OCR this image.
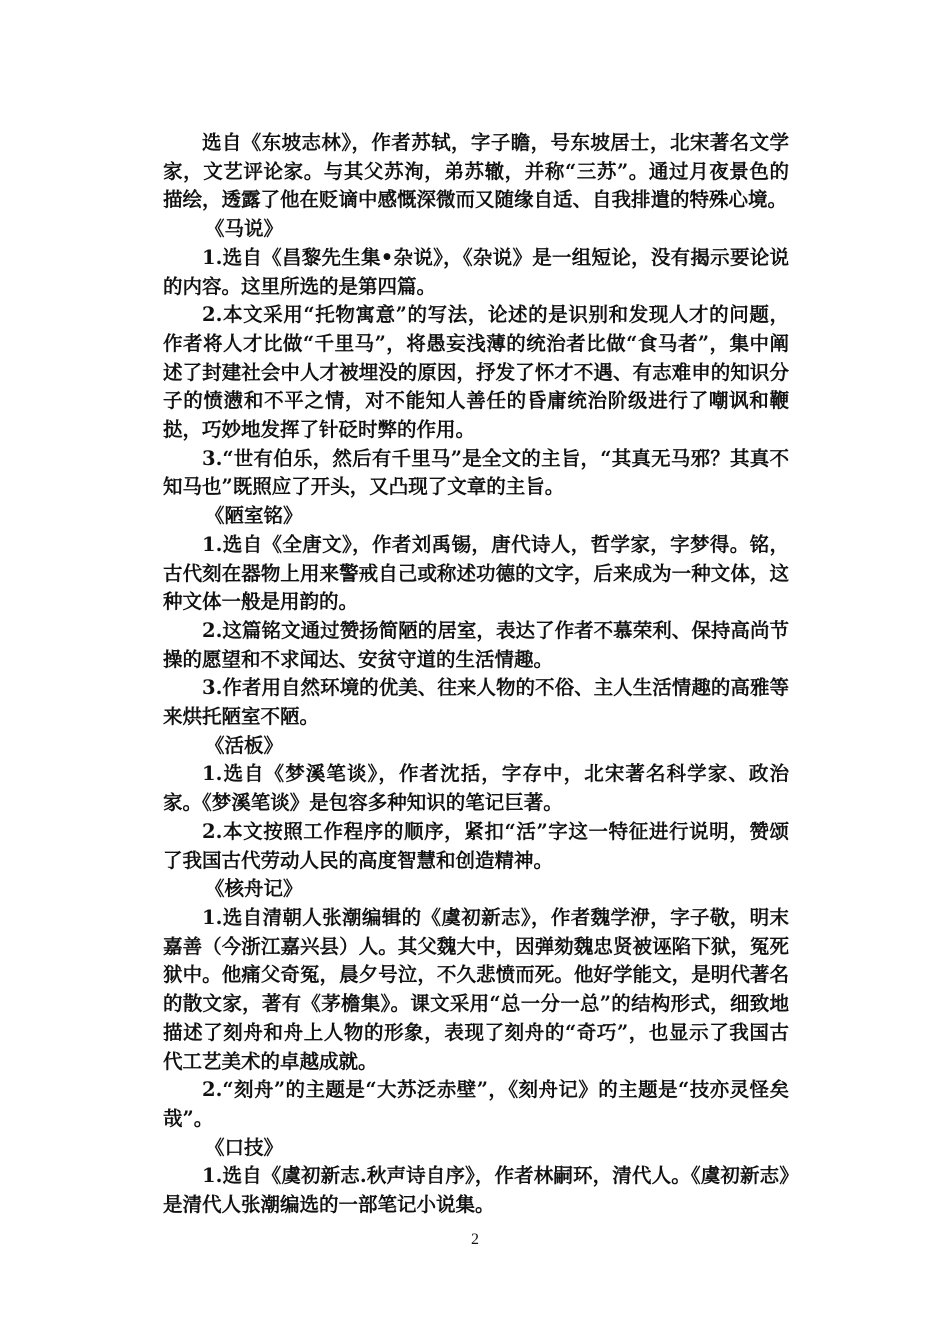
选自《东坡志林》，作者苏轼，字子瞻，号东坡居士，北宋著名文学家，文艺评论家。与其父苏洵，弟苏辙，并称“三苏”。通过月夜景色的描绘，透露了他在贬谪中感慨深微而又随缘自适、自我排遣的特殊心境。

《马说》

1.选自《昌黎先生集•杂说》，《杂说》是一组短论，没有揭示要论说的内容。这里所选的是第四篇。

2.本文采用“托物寓意”的写法，论述的是识别和发现人才的问题，作者将人才比做“千里马”，将愚妄浅薄的统治者比做“食马者”，集中阐述了封建社会中人才被埋没的原因，抒发了怀才不遇、有志难申的知识分子的愤懑和不平之情，对不能知人善任的昏庸统治阶级进行了嘲讽和鞭挞，巧妙地发挥了针砭时弊的作用。

3.“世有伯乐，然后有千里马”是全文的主旨，“其真无马邪？其真不知马也”既照应了开头，又凸现了文章的主旨。

《陋室铭》

1.选自《全唐文》，作者刘禹锡，唐代诗人，哲学家，字梦得。铭，古代刻在器物上用来警戒自己或称述功德的文字，后来成为一种文体，这种文体一般是用韵的。

2.这篇铭文通过赞扬简陋的居室，表达了作者不慕荣利、保持高尚节操的愿望和不求闻达、安贫守道的生活情趣。

3.作者用自然环境的优美、往来人物的不俗、主人生活情趣的高雅等来烘托陋室不陋。

《活板》

1.选自《梦溪笔谈》，作者沈括，字存中，北宋著名科学家、政治家。《梦溪笔谈》是包容多种知识的笔记巨著。

2.本文按照工作程序的顺序，紧扣“活”字这一特征进行说明，赞颂了我国古代劳动人民的高度智慧和创造精神。

《核舟记》

1.选自清朝人张潮编辑的《虞初新志》，作者魏学洢，字子敬，明末嘉善（今浙江嘉兴县）人。其父魏大中，因弹劾魏忠贤被诬陷下狱，冤死狱中。他痛父奇冤，晨夕号泣，不久悲愤而死。他好学能文，是明代著名的散文家，著有《茅檐集》。课文采用“总一分一总”的结构形式，细致地描述了刻舟和舟上人物的形象，表现了刻舟的“奇巧”，也显示了我国古代工艺美术的卓越成就。

2.“刻舟”的主题是“大苏泛赤壁”，《刻舟记》的主题是“技亦灵怪矣哉”。

《口技》

1.选自《虞初新志.秋声诗自序》，作者林嗣环，清代人。《虞初新志》是清代人张潮编选的一部笔记小说集。

2
